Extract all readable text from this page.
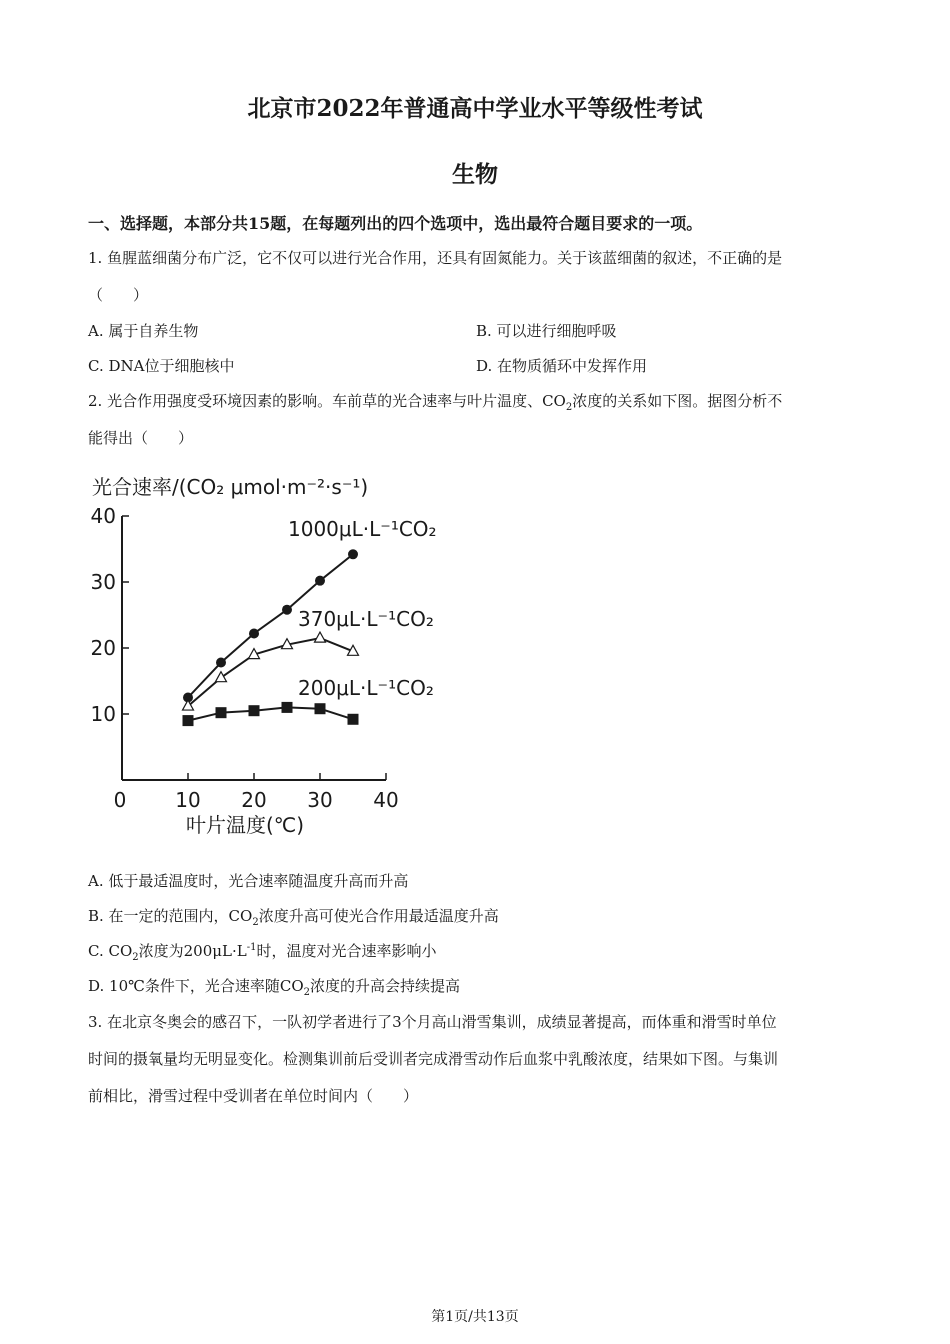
北京市2022年普通高中学业水平等级性考试
生物
一、选择题，本部分共15题，在每题列出的四个选项中，选出最符合题目要求的一项。
1. 鱼腥蓝细菌分布广泛，它不仅可以进行光合作用，还具有固氮能力。关于该蓝细菌的叙述，不正确的是
（　　）
A. 属于自养生物	B. 可以进行细胞呼吸
C. DNA位于细胞核中	D. 在物质循环中发挥作用
2. 光合作用强度受环境因素的影响。车前草的光合速率与叶片温度、$CO_2$浓度的关系如下图。据图分析不
能得出（　　）
光合速率/(CO₂ μmol·m⁻²·s⁻¹)
叶片温度(℃)
10
20
30
40
0 10 20 30 40
1000μL·L⁻¹CO₂
370μL·L⁻¹CO₂
200μL·L⁻¹CO₂
A. 低于最适温度时，光合速率随温度升高而升高
B. 在一定的范围内，$CO_2$浓度升高可使光合作用最适温度升高
C. $CO_2$浓度为$200\mu L\cdot L^{-1}$时，温度对光合速率影响小
D. 10℃条件下，光合速率随$CO_2$浓度的升高会持续提高
3. 在北京冬奥会的感召下，一队初学者进行了3个月高山滑雪集训，成绩显著提高，而体重和滑雪时单位
时间的摄氧量均无明显变化。检测集训前后受训者完成滑雪动作后血浆中乳酸浓度，结果如下图。与集训
前相比，滑雪过程中受训者在单位时间内（　　）
第1页/共13页
